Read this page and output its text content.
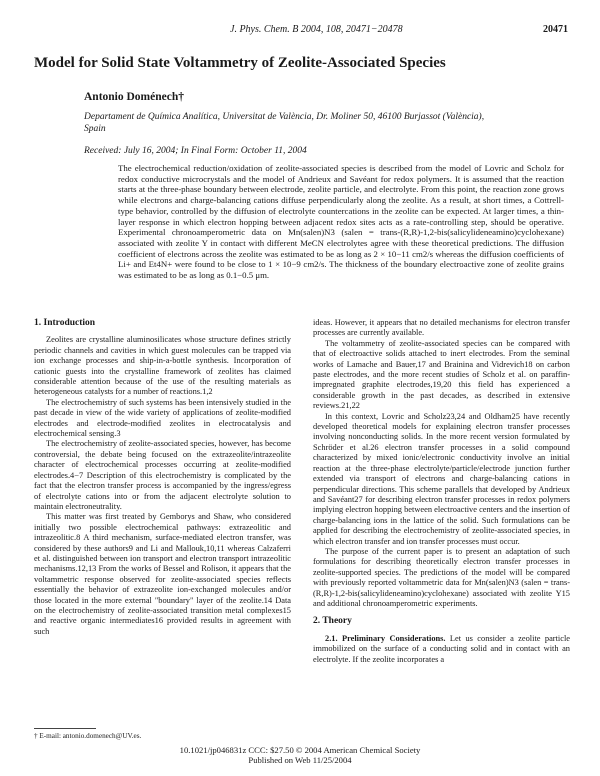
J. Phys. Chem. B 2004, 108, 20471−20478	20471
Model for Solid State Voltammetry of Zeolite-Associated Species
Antonio Doménech†
Departament de Química Analítica, Universitat de València, Dr. Moliner 50, 46100 Burjassot (València), Spain
Received: July 16, 2004; In Final Form: October 11, 2004

The electrochemical reduction/oxidation of zeolite-associated species is described from the model of Lovric and Scholz for redox conductive microcrystals and the model of Andrieux and Savéant for redox polymers. It is assumed that the reaction starts at the three-phase boundary between electrode, zeolite particle, and electrolyte. From this point, the reaction zone grows while electrons and charge-balancing cations diffuse perpendicularly along the zeolite. As a result, at short times, a Cottrell-type behavior, controlled by the diffusion of electrolyte countercations in the zeolite can be expected. At larger times, a thin-layer response in which electron hopping between adjacent redox sites acts as a rate-controlling step, should be operative. Experimental chronoamperometric data on Mn(salen)N3 (salen = trans-(R,R)-1,2-bis(salicylideneamino)cyclohexane) associated with zeolite Y in contact with different MeCN electrolytes agree with these theoretical predictions. The diffusion coefficient of electrons across the zeolite was estimated to be as long as 2 × 10−11 cm2/s whereas the diffusion coefficients of Li+ and Et4N+ were found to be close to 1 × 10−9 cm2/s. The thickness of the boundary electroactive zone of zeolite grains was estimated to be as long as 0.1−0.5 μm.

1. Introduction

Zeolites are crystalline aluminosilicates whose structure defines strictly periodic channels and cavities in which guest molecules can be trapped via ion exchange processes and ship-in-a-bottle synthesis. Incorporation of cationic guests into the crystalline framework of zeolites has claimed considerable attention because of the use of the resulting materials as heterogeneous catalysts for a number of reactions.1,2

The electrochemistry of such systems has been intensively studied in the past decade in view of the wide variety of applications of zeolite-modified electrodes and electrode-modified zeolites in electrocatalysis and electrochemical sensing.3

The electrochemistry of zeolite-associated species, however, has become controversial, the debate being focused on the extrazeolite/intrazeolite character of electrochemical processes occurring at zeolite-modified electrodes.4−7 Description of this electrochemistry is complicated by the fact that the electron transfer process is accompanied by the ingress/egress of electrolyte cations into or from the adjacent electrolyte solution to maintain electroneutrality.

This matter was first treated by Gemborys and Shaw, who considered initially two possible electrochemical pathways: extrazeolitic and intrazeolitic.8 A third mechanism, surface-mediated electron transfer, was considered by these authors9 and Li and Mallouk,10,11 whereas Calzaferri et al. distinguished between ion transport and electron transport intrazeolitic mechanisms.12,13 From the works of Bessel and Rolison, it appears that the voltammetric response observed for zeolite-associated species reflects essentially the behavior of extrazeolite ion-exchanged molecules and/or those located in the more external "boundary" layer of the zeolite.14 Data on the electrochemistry of zeolite-associated transition metal complexes15 and reactive organic intermediates16 provided results in agreement with such

ideas. However, it appears that no detailed mechanisms for electron transfer processes are currently available.

The voltammetry of zeolite-associated species can be compared with that of electroactive solids attached to inert electrodes. From the seminal works of Lamache and Bauer,17 and Brainina and Vidrevich18 on carbon paste electrodes, and the more recent studies of Scholz et al. on paraffin-impregnated graphite electrodes,19,20 this field has experienced a considerable growth in the past decades, as described in extensive reviews.21,22

In this context, Lovric and Scholz23,24 and Oldham25 have recently developed theoretical models for explaining electron transfer processes involving nonconducting solids. In the more recent version formulated by Schröder et al.26 electron transfer processes in a solid compound characterized by mixed ionic/electronic conductivity involve an initial reaction at the three-phase electrolyte/particle/electrode junction further extended via transport of electrons and charge-balancing cations in perpendicular directions. This scheme parallels that developed by Andrieux and Savéant27 for describing electron transfer processes in redox polymers implying electron hopping between electroactive centers and the insertion of charge-balancing ions in the lattice of the solid. Such formulations can be applied for describing the electrochemistry of zeolite-associated species, in which electron transfer and ion transfer processes must occur.

The purpose of the current paper is to present an adaptation of such formulations for describing theoretically electron transfer processes in zeolite-supported species. The predictions of the model will be compared with previously reported voltammetric data for Mn(salen)N3 (salen = trans-(R,R)-1,2-bis(salicylideneamino)cyclohexane) associated with zeolite Y15 and additional chronoamperometric experiments.

2. Theory

2.1. Preliminary Considerations. Let us consider a zeolite particle immobilized on the surface of a conducting solid and in contact with an electrolyte. If the zeolite incorporates a

† E-mail: antonio.domenech@UV.es.
10.1021/jp046831z CCC: $27.50 © 2004 American Chemical Society
Published on Web 11/25/2004
